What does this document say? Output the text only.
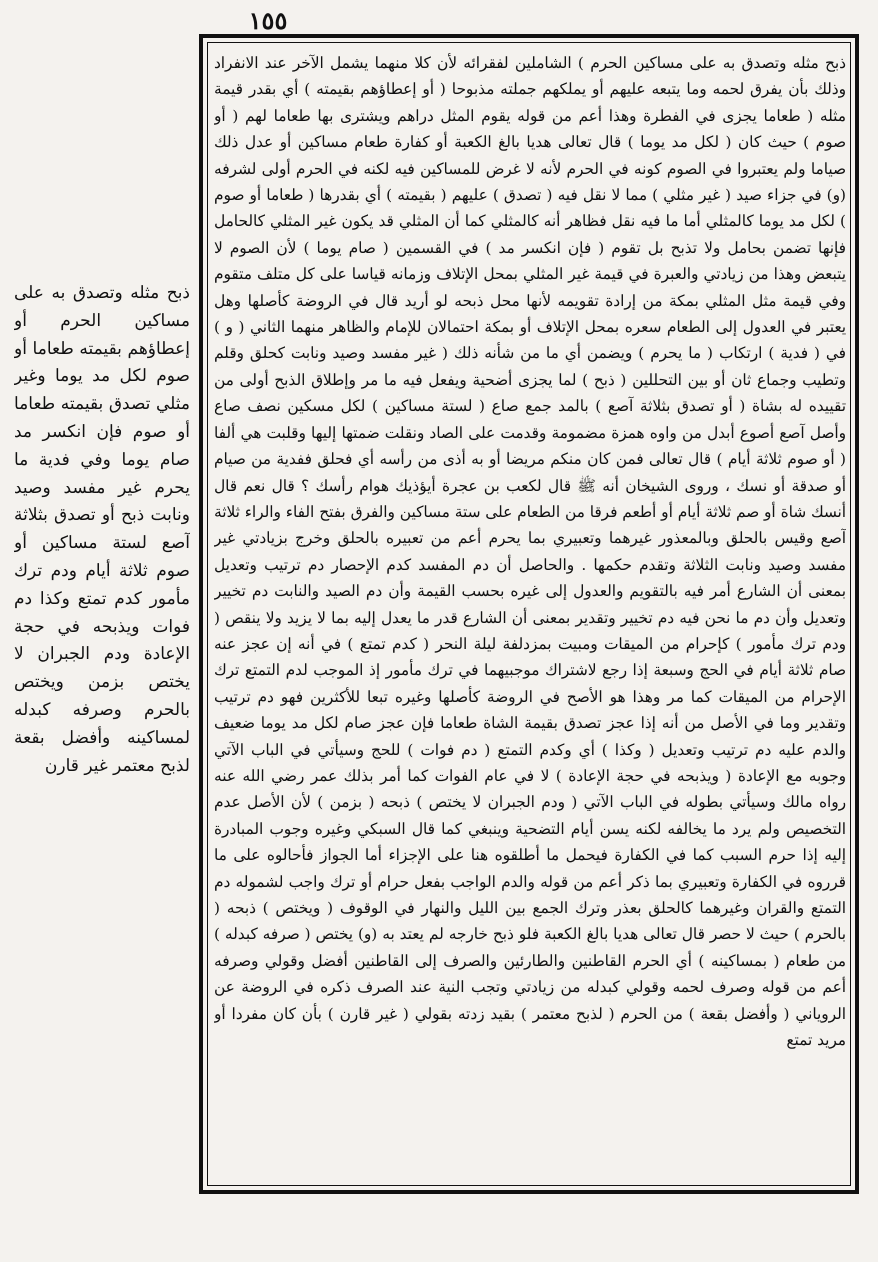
١٥٥

ذبح مثله وتصدق به على مساكين الحرم ) الشاملين لفقرائه لأن كلا منهما يشمل الآخر عند الانفراد وذلك بأن يفرق لحمه وما يتبعه عليهم أو يملكهم جملته مذبوحا ( أو إعطاؤهم بقيمته ) أي بقدر قيمة مثله ( طعاما يجزى في الفطرة وهذا أعم من قوله يقوم المثل دراهم ويشترى بها طعاما لهم ( أو صوم ) حيث كان ( لكل مد يوما ) قال تعالى هديا بالغ الكعبة أو كفارة طعام مساكين أو عدل ذلك صياما ولم يعتبروا في الصوم كونه في الحرم لأنه لا غرض للمساكين فيه لكنه في الحرم أولى لشرفه (و) في جزاء صيد ( غير مثلي ) مما لا نقل فيه ( تصدق ) عليهم ( بقيمته ) أي بقدرها ( طعاما أو صوم ) لكل مد يوما كالمثلي أما ما فيه نقل فظاهر أنه كالمثلي كما أن المثلي قد يكون غير المثلي كالحامل فإنها تضمن بحامل ولا تذبح بل تقوم ( فإن انكسر مد ) في القسمين ( صام يوما ) لأن الصوم لا يتبعض وهذا من زيادتي والعبرة في قيمة غير المثلي بمحل الإتلاف وزمانه قياسا على كل متلف متقوم وفي قيمة مثل المثلي بمكة من إرادة تقويمه لأنها محل ذبحه لو أريد قال في الروضة كأصلها وهل يعتبر في العدول إلى الطعام سعره بمحل الإتلاف أو بمكة احتمالان للإمام والظاهر منهما الثاني ( و ) في ( فدية ) ارتكاب ( ما يحرم ) ويضمن أي ما من شأنه ذلك ( غير مفسد وصيد ونابت كحلق وقلم وتطيب وجماع ثان أو بين التحللين ( ذبح ) لما يجزى أضحية ويفعل فيه ما مر وإطلاق الذبح أولى من تقييده له بشاة ( أو تصدق بثلاثة آصع ) بالمد جمع صاع ( لستة مساكين ) لكل مسكين نصف صاع وأصل آصع أصوع أبدل من واوه همزة مضمومة وقدمت على الصاد ونقلت ضمتها إليها وقلبت هي ألفا ( أو صوم ثلاثة أيام ) قال تعالى فمن كان منكم مريضا أو به أذى من رأسه أي فحلق ففدية من صيام أو صدقة أو نسك ، وروى الشيخان أنه ﷺ قال لكعب بن عجرة أيؤذيك هوام رأسك ؟ قال نعم قال أنسك شاة أو صم ثلاثة أيام أو أطعم فرقا من الطعام على ستة مساكين والفرق بفتح الفاء والراء ثلاثة آصع وقيس بالحلق وبالمعذور غيرهما وتعبيري بما يحرم أعم من تعبيره بالحلق وخرج بزيادتي غير مفسد وصيد ونابت الثلاثة وتقدم حكمها . والحاصل أن دم المفسد كدم الإحصار دم ترتيب وتعديل بمعنى أن الشارع أمر فيه بالتقويم والعدول إلى غيره بحسب القيمة وأن دم الصيد والنابت دم تخيير وتعديل وأن دم ما نحن فيه دم تخيير وتقدير بمعنى أن الشارع قدر ما يعدل إليه بما لا يزيد ولا ينقص ( ودم ترك مأمور ) كإحرام من الميقات ومبيت بمزدلفة ليلة النحر ( كدم تمتع ) في أنه إن عجز عنه صام ثلاثة أيام في الحج وسبعة إذا رجع لاشتراك موجبيهما في ترك مأمور إذ الموجب لدم التمتع ترك الإحرام من الميقات كما مر وهذا هو الأصح في الروضة كأصلها وغيره تبعا للأكثرين فهو دم ترتيب وتقدير وما في الأصل من أنه إذا عجز تصدق بقيمة الشاة طعاما فإن عجز صام لكل مد يوما ضعيف والدم عليه دم ترتيب وتعديل ( وكذا ) أي وكدم التمتع ( دم فوات ) للحج وسيأتي في الباب الآتي وجوبه مع الإعادة ( ويذبحه في حجة الإعادة ) لا في عام الفوات كما أمر بذلك عمر رضي الله عنه رواه مالك وسيأتي بطوله في الباب الآتي ( ودم الجبران لا يختص ) ذبحه ( بزمن ) لأن الأصل عدم التخصيص ولم يرد ما يخالفه لكنه يسن أيام التضحية وينبغي كما قال السبكي وغيره وجوب المبادرة إليه إذا حرم السبب كما في الكفارة فيحمل ما أطلقوه هنا على الإجزاء أما الجواز فأحالوه على ما قرروه في الكفارة وتعبيري بما ذكر أعم من قوله والدم الواجب بفعل حرام أو ترك واجب لشموله دم التمتع والقران وغيرهما كالحلق بعذر وترك الجمع بين الليل والنهار في الوقوف ( ويختص ) ذبحه ( بالحرم ) حيث لا حصر قال تعالى هديا بالغ الكعبة فلو ذبح خارجه لم يعتد به (و) يختص ( صرفه كبدله ) من طعام ( بمساكينه ) أي الحرم القاطنين والطارئين والصرف إلى القاطنين أفضل وقولي وصرفه أعم من قوله وصرف لحمه وقولي كبدله من زيادتي وتجب النية عند الصرف ذكره في الروضة عن الروياني ( وأفضل بقعة ) من الحرم ( لذبح معتمر ) بقيد زدته بقولي ( غير قارن ) بأن كان مفردا أو مريد تمتع

ذبح مثله وتصدق به على مساكين الحرم أو إعطاؤهم بقيمته طعاما أو صوم لكل مد يوما وغير مثلي تصدق بقيمته طعاما أو صوم فإن انكسر مد صام يوما وفي فدية ما يحرم غير مفسد وصيد ونابت ذبح أو تصدق بثلاثة آصع لستة مساكين أو صوم ثلاثة أيام ودم ترك مأمور كدم تمتع وكذا دم فوات ويذبحه في حجة الإعادة ودم الجبران لا يختص بزمن ويختص بالحرم وصرفه كبدله لمساكينه وأفضل بقعة لذبح معتمر غير قارن
